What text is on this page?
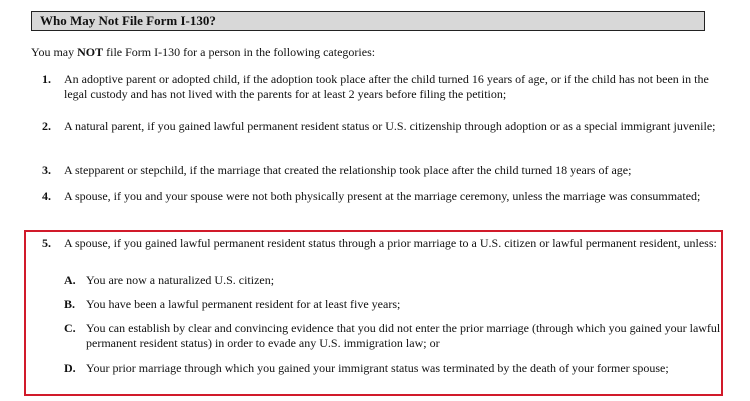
Who May Not File Form I-130?
You may NOT file Form I-130 for a person in the following categories:
1. An adoptive parent or adopted child, if the adoption took place after the child turned 16 years of age, or if the child has not been in the legal custody and has not lived with the parents for at least 2 years before filing the petition;
2. A natural parent, if you gained lawful permanent resident status or U.S. citizenship through adoption or as a special immigrant juvenile;
3. A stepparent or stepchild, if the marriage that created the relationship took place after the child turned 18 years of age;
4. A spouse, if you and your spouse were not both physically present at the marriage ceremony, unless the marriage was consummated;
5. A spouse, if you gained lawful permanent resident status through a prior marriage to a U.S. citizen or lawful permanent resident, unless:
A. You are now a naturalized U.S. citizen;
B. You have been a lawful permanent resident for at least five years;
C. You can establish by clear and convincing evidence that you did not enter the prior marriage (through which you gained your lawful permanent resident status) in order to evade any U.S. immigration law; or
D. Your prior marriage through which you gained your immigrant status was terminated by the death of your former spouse;
